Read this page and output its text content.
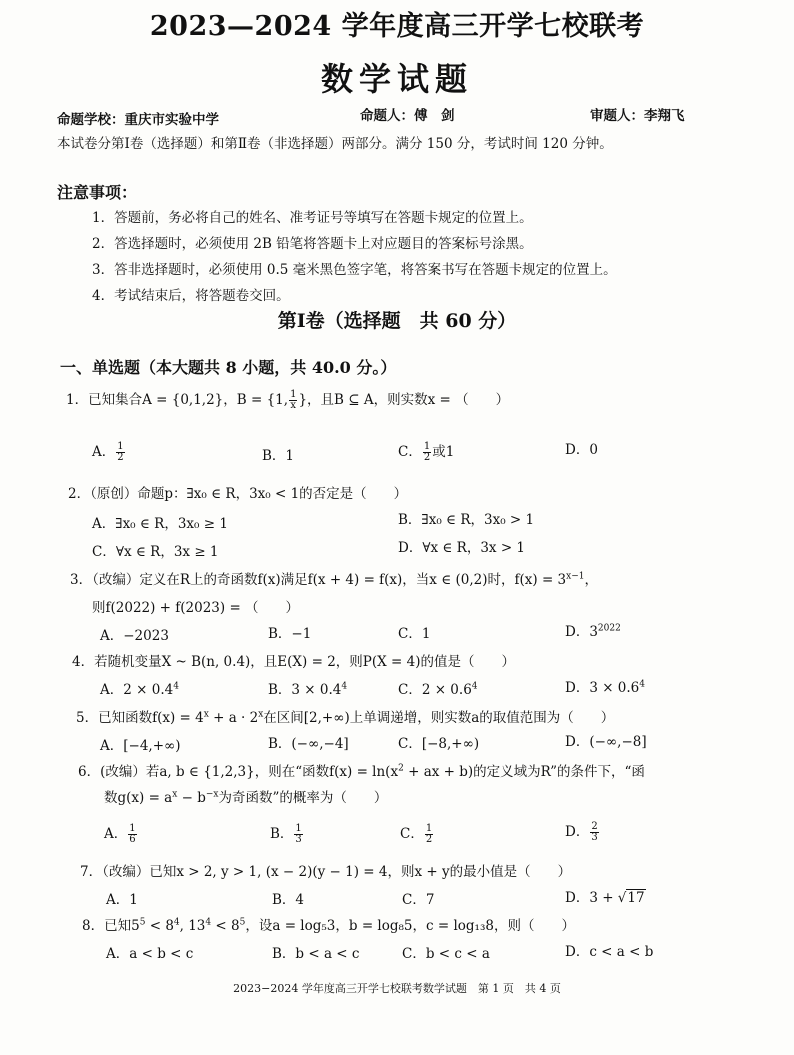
2023—2024 学年度高三开学七校联考
数学试题
命题学校：重庆市实验中学	命题人：傅　剑	审题人：李翔飞
本试卷分第Ⅰ卷（选择题）和第Ⅱ卷（非选择题）两部分。满分 150 分，考试时间 120 分钟。
注意事项：
1．答题前，务必将自己的姓名、准考证号等填写在答题卡规定的位置上。
2．答选择题时，必须使用 2B 铅笔将答题卡上对应题目的答案标号涂黑。
3．答非选择题时，必须使用 0.5 毫米黑色签字笔，将答案书写在答题卡规定的位置上。
4．考试结束后，将答题卷交回。
第Ⅰ卷（选择题　共 60 分）
一、单选题（本大题共 8 小题，共 40.0 分。）
1．已知集合A = {0,1,2}，B = {1, $\frac{1}{x}$ }，且B ⊆ A，则实数x = （　　）
A． $\frac{1}{2}$	B．1	C． $\frac{1}{2}$ 或1	D．0
2．（原创）命题p：∃x₀ ∈ R，3x₀ < 1的否定是（　　）
A．∃x₀ ∈ R，3x₀ ≥ 1	B．∃x₀ ∈ R，3x₀ > 1
C．∀x ∈ R，3x ≥ 1	D．∀x ∈ R，3x > 1
3．（改编）定义在R上的奇函数f(x)满足f(x + 4) = f(x)，当x ∈ (0,2)时，$f(x) = 3^{x-1}$，
则f(2022) + f(2023) = （　　）
A．−2023	B．−1	C．1	D．$3^{2022}$
4．若随机变量X ~ B(n, 0.4)，且E(X) = 2，则P(X = 4)的值是（　　）
A．$2 \times 0.4^4$	B．$3 \times 0.4^4$	C．$2 \times 0.6^4$	D．$3 \times 0.6^4$
5．已知函数$f(x) = 4^x + a \cdot 2^x$在区间[2,+∞)上单调递增，则实数a的取值范围为（　　）
A．[−4,+∞)	B．(−∞,−4]	C．[−8,+∞)	D．(−∞,−8]
6．(改编）若a, b ∈ {1,2,3}，则在“函数$f(x) = \ln(x^2$ + ax + b)的定义域为R”的条件下，“函
数$g(x) = a^x - b^{-x}$为奇函数”的概率为（　　）
A． $\frac{1}{6}$	B． $\frac{1}{3}$	C． $\frac{1}{2}$	D． $\frac{2}{3}$
7．（改编）已知x > 2, y > 1, (x − 2)(y − 1) = 4，则x + y的最小值是（　　）
A．1	B．4	C．7	D．3 + √17
8．已知$5^5 < 8^4$, $13^4 < 8^5$，设a = log₅3，b = log₈5，c = log₁₃8，则（　　）
A．a < b < c	B．b < a < c	C．b < c < a	D．c < a < b
2023−2024 学年度高三开学七校联考数学试题　第 1 页　共 4 页
